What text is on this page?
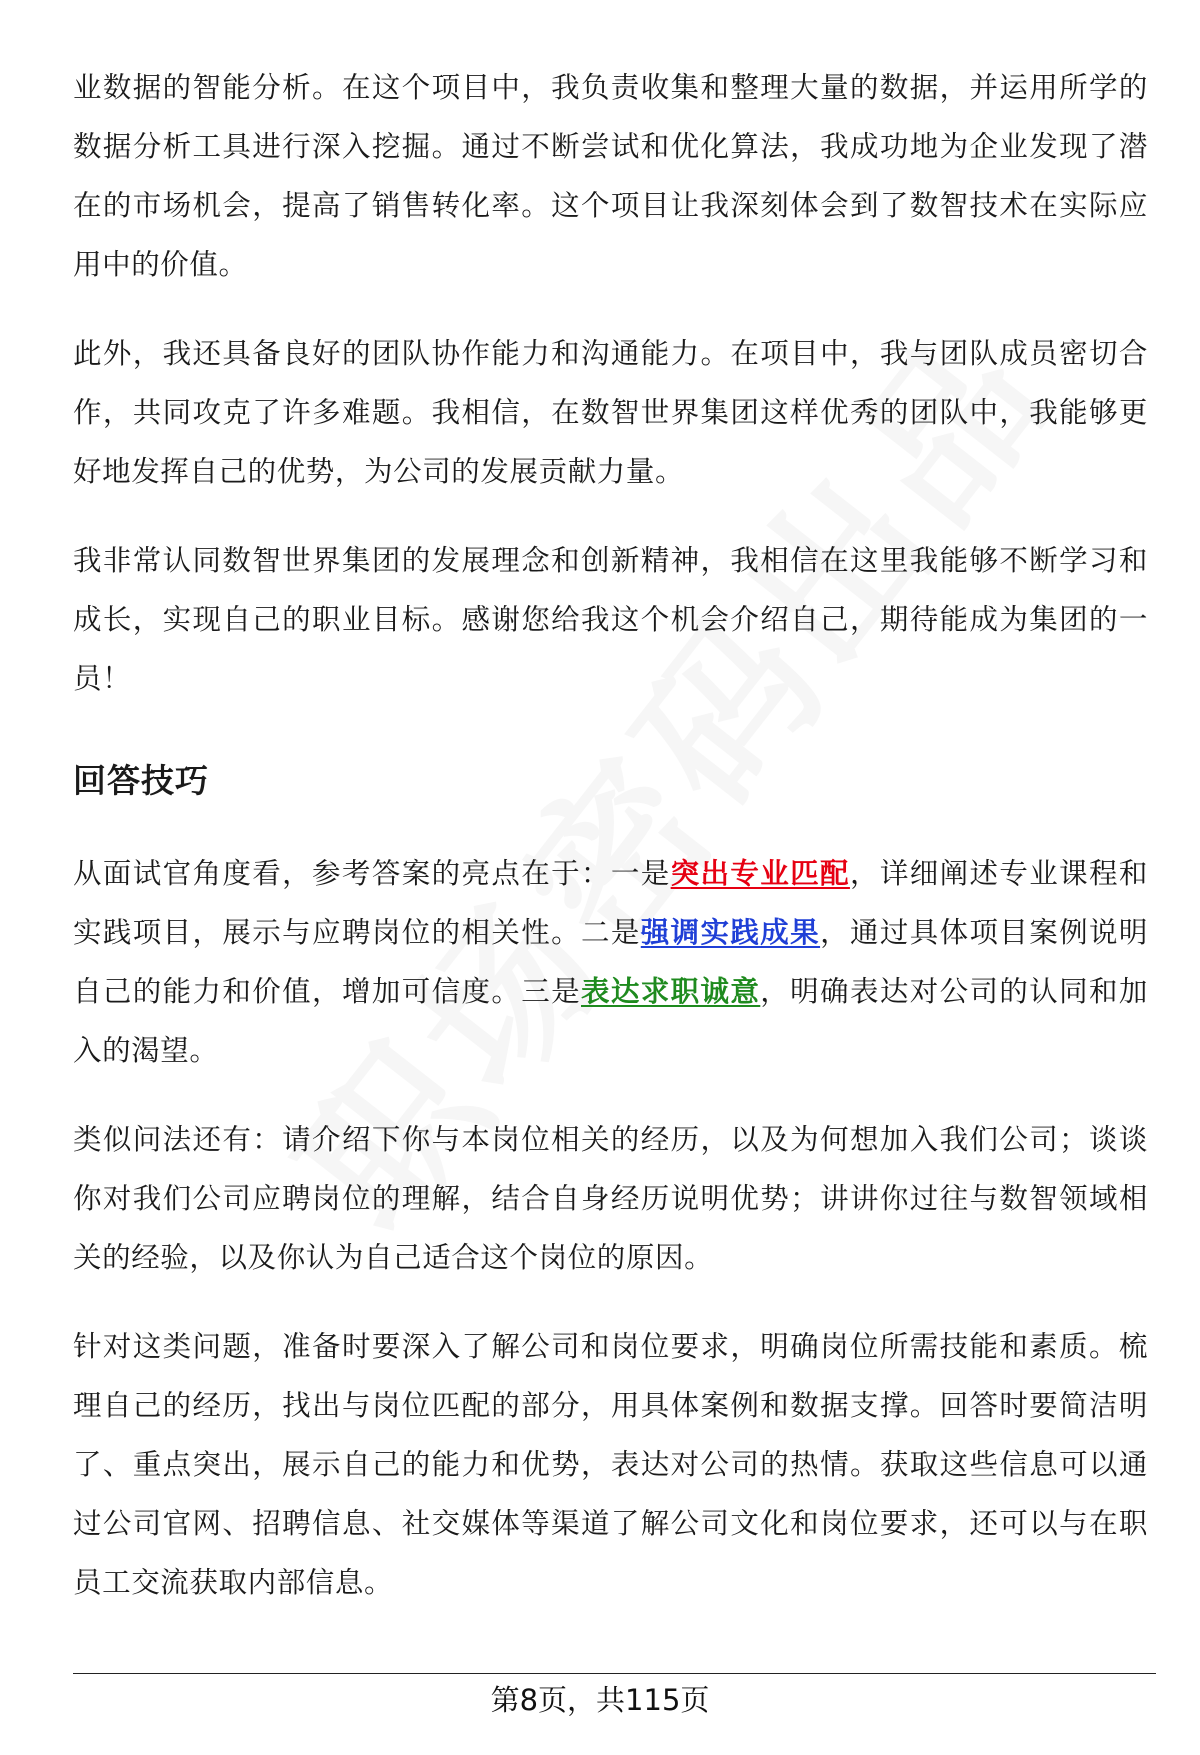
业数据的智能分析。在这个项目中，我负责收集和整理大量的数据，并运用所学的数据分析工具进行深入挖掘。通过不断尝试和优化算法，我成功地为企业发现了潜在的市场机会，提高了销售转化率。这个项目让我深刻体会到了数智技术在实际应用中的价值。

此外，我还具备良好的团队协作能力和沟通能力。在项目中，我与团队成员密切合作，共同攻克了许多难题。我相信，在数智世界集团这样优秀的团队中，我能够更好地发挥自己的优势，为公司的发展贡献力量。

我非常认同数智世界集团的发展理念和创新精神，我相信在这里我能够不断学习和成长，实现自己的职业目标。感谢您给我这个机会介绍自己，期待能成为集团的一员！

回答技巧

从面试官角度看，参考答案的亮点在于：一是突出专业匹配，详细阐述专业课程和实践项目，展示与应聘岗位的相关性。二是强调实践成果，通过具体项目案例说明自己的能力和价值，增加可信度。三是表达求职诚意，明确表达对公司的认同和加入的渴望。

类似问法还有：请介绍下你与本岗位相关的经历，以及为何想加入我们公司；谈谈你对我们公司应聘岗位的理解，结合自身经历说明优势；讲讲你过往与数智领域相关的经验，以及你认为自己适合这个岗位的原因。

针对这类问题，准备时要深入了解公司和岗位要求，明确岗位所需技能和素质。梳理自己的经历，找出与岗位匹配的部分，用具体案例和数据支撑。回答时要简洁明了、重点突出，展示自己的能力和优势，表达对公司的热情。获取这些信息可以通过公司官网、招聘信息、社交媒体等渠道了解公司文化和岗位要求，还可以与在职员工交流获取内部信息。

第8页，共115页
